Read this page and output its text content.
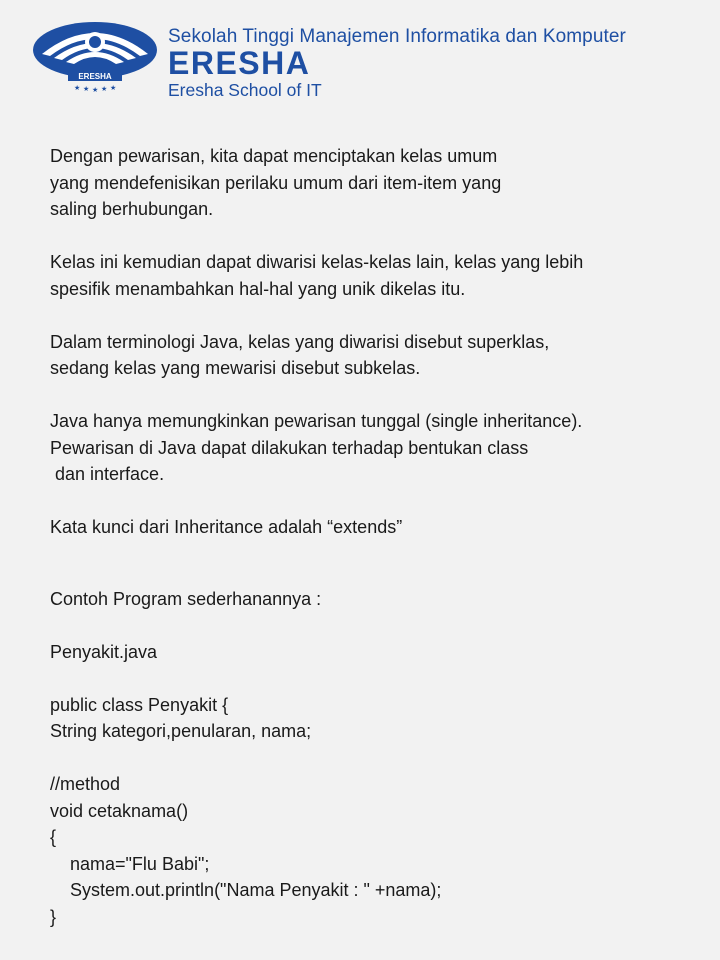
ERESHA
★ ★ ★ ★ ★
Sekolah Tinggi Manajemen Informatika dan Komputer
ERESHA
Eresha School of IT

Dengan pewarisan, kita dapat menciptakan kelas umum

yang mendefenisikan perilaku umum dari item-item yang

saling berhubungan.

Kelas ini kemudian dapat diwarisi kelas-kelas lain, kelas yang lebih

spesifik menambahkan hal-hal yang unik dikelas itu.

Dalam terminologi Java, kelas yang diwarisi disebut superklas,

sedang kelas yang mewarisi disebut subkelas.

Java hanya memungkinkan pewarisan tunggal (single inheritance).

Pewarisan di Java dapat dilakukan terhadap bentukan class

dan interface.

Kata kunci dari Inheritance adalah “extends”

Contoh Program sederhanannya :

Penyakit.java

public class Penyakit {

String kategori,penularan, nama;

//method

void cetaknama()

{

nama="Flu Babi";

System.out.println("Nama Penyakit : " +nama);

}
